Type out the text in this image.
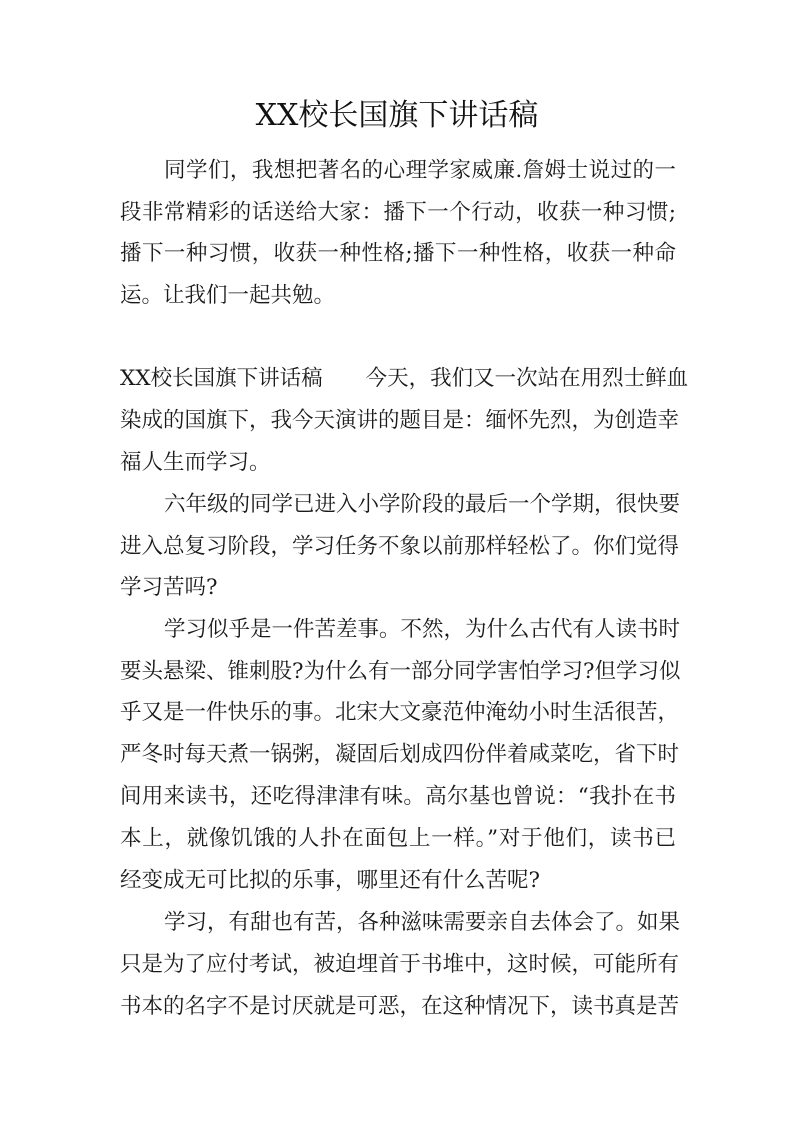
XX校长国旗下讲话稿
同学们，我想把著名的心理学家威廉.詹姆士说过的一
段非常精彩的话送给大家：播下一个行动，收获一种习惯;
播下一种习惯，收获一种性格;播下一种性格，收获一种命
运。让我们一起共勉。
XX校长国旗下讲话稿　　今天，我们又一次站在用烈士鲜血
染成的国旗下，我今天演讲的题目是：缅怀先烈，为创造幸
福人生而学习。
六年级的同学已进入小学阶段的最后一个学期，很快要
进入总复习阶段，学习任务不象以前那样轻松了。你们觉得
学习苦吗?
学习似乎是一件苦差事。不然，为什么古代有人读书时
要头悬梁、锥刺股?为什么有一部分同学害怕学习?但学习似
乎又是一件快乐的事。北宋大文豪范仲淹幼小时生活很苦，
严冬时每天煮一锅粥，凝固后划成四份伴着咸菜吃，省下时
间用来读书，还吃得津津有味。高尔基也曾说：“我扑在书
本上，就像饥饿的人扑在面包上一样。”对于他们，读书已
经变成无可比拟的乐事，哪里还有什么苦呢?
学习，有甜也有苦，各种滋味需要亲自去体会了。如果
只是为了应付考试，被迫埋首于书堆中，这时候，可能所有
书本的名字不是讨厌就是可恶，在这种情况下，读书真是苦
